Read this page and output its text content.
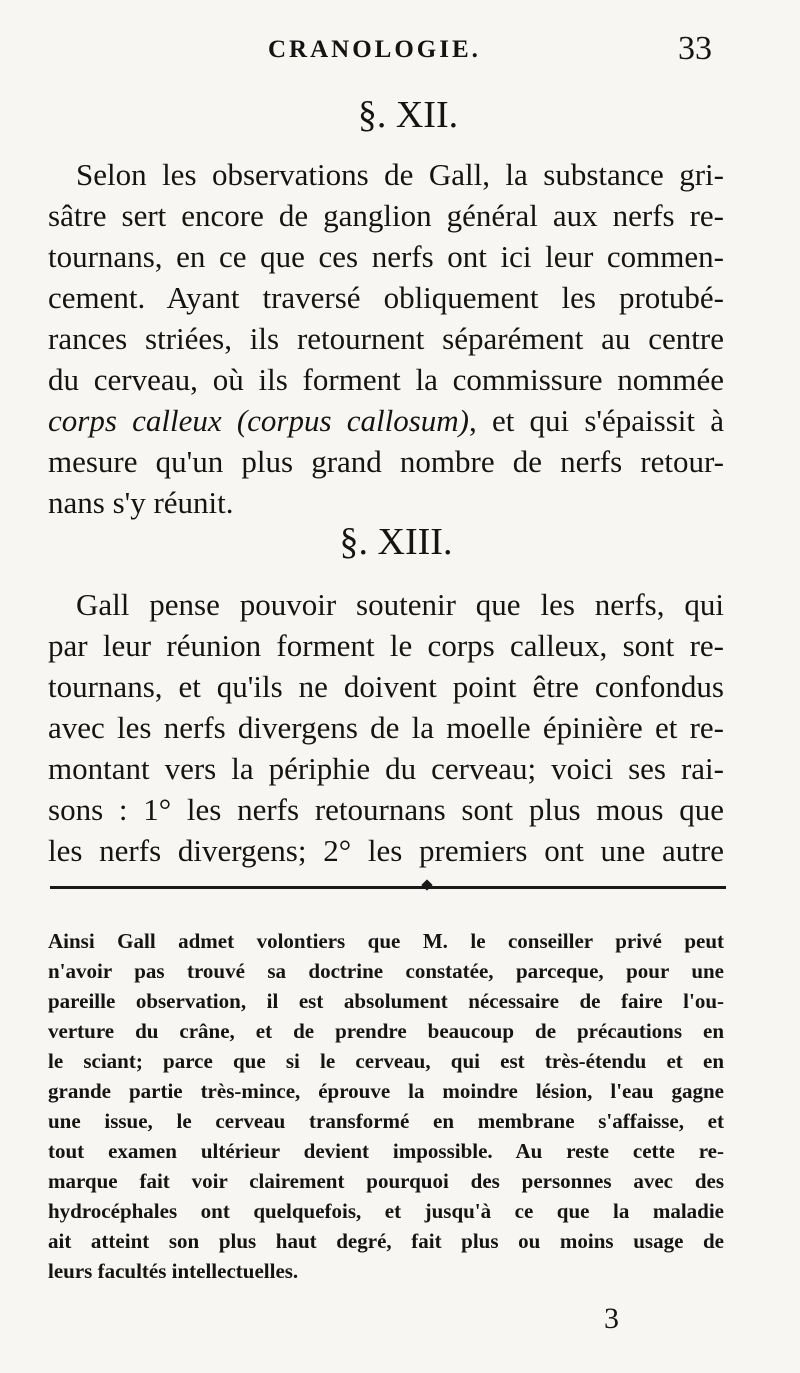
CRANOLOGIE.	33
§. XII.
Selon les observations de Gall, la substance gri-
sâtre sert encore de ganglion général aux nerfs re-
tournans, en ce que ces nerfs ont ici leur commen-
cement. Ayant traversé obliquement les protubé-
rances striées, ils retournent séparément au centre
du cerveau, où ils forment la commissure nommée
corps calleux (corpus callosum), et qui s'épaissit à
mesure qu'un plus grand nombre de nerfs retour-
nans s'y réunit.
§. XIII.
Gall pense pouvoir soutenir que les nerfs, qui
par leur réunion forment le corps calleux, sont re-
tournans, et qu'ils ne doivent point être confondus
avec les nerfs divergens de la moelle épinière et re-
montant vers la périphie du cerveau; voici ses rai-
sons : 1° les nerfs retournans sont plus mous que
les nerfs divergens; 2° les premiers ont une autre
Ainsi Gall admet volontiers que M. le conseiller privé peut
n'avoir pas trouvé sa doctrine constatée, parceque, pour une
pareille observation, il est absolument nécessaire de faire l'ou-
verture du crâne, et de prendre beaucoup de précautions en
le sciant; parce que si le cerveau, qui est très-étendu et en
grande partie très-mince, éprouve la moindre lésion, l'eau gagne
une issue, le cerveau transformé en membrane s'affaisse, et
tout examen ultérieur devient impossible. Au reste cette re-
marque fait voir clairement pourquoi des personnes avec des
hydrocéphales ont quelquefois, et jusqu'à ce que la maladie
ait atteint son plus haut degré, fait plus ou moins usage de
leurs facultés intellectuelles.
3
